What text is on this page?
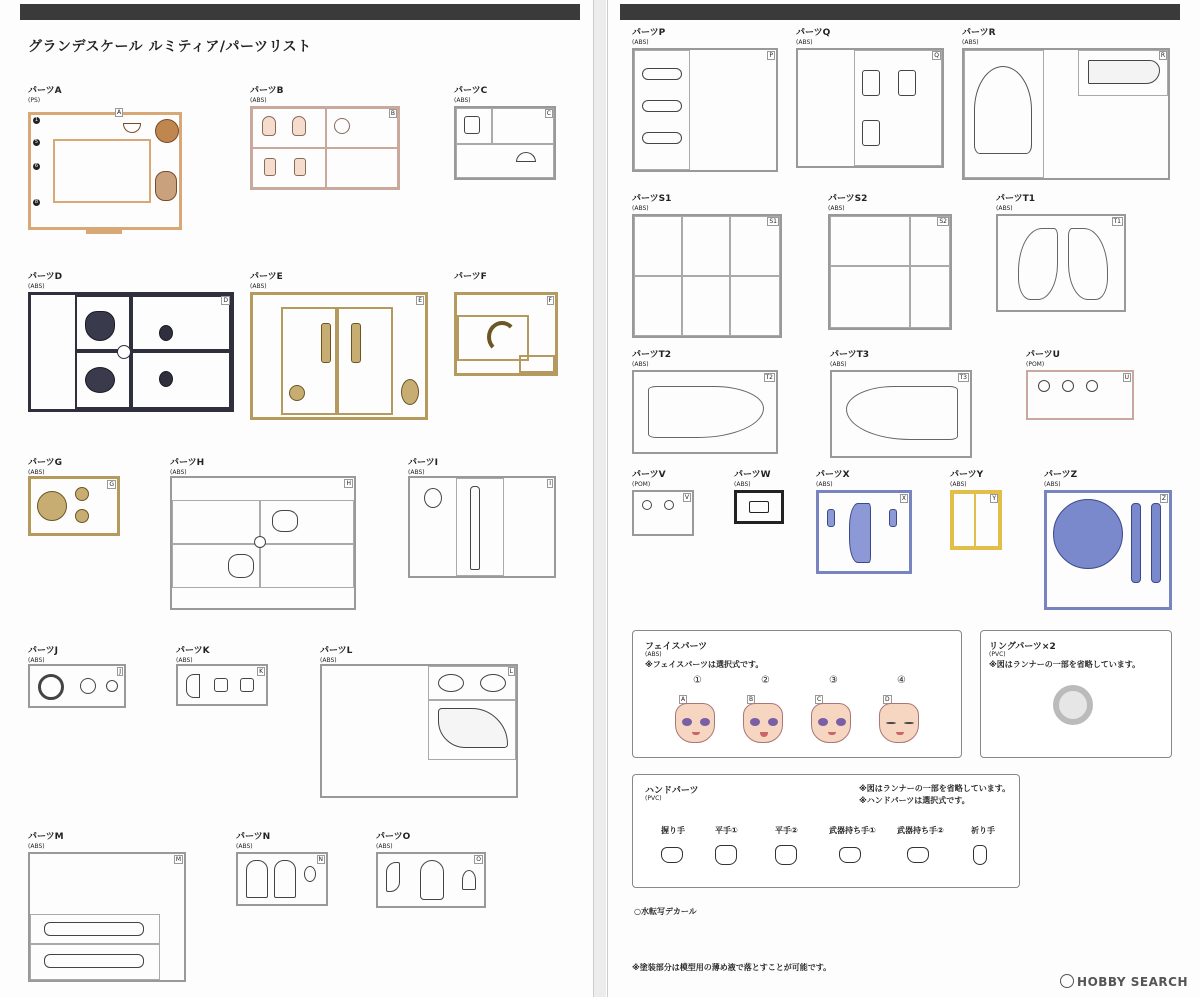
グランデスケール ルミティア/パーツリスト
パーツA
(PS)
1
5
6
8
A
パーツB
(ABS)
B
パーツC
(ABS)
C
パーツD
(ABS)
D
パーツE
(ABS)
E
パーツF
F
パーツG
(ABS)
G
パーツH
(ABS)
H
パーツI
(ABS)
I
パーツJ
(ABS)
J
パーツK
(ABS)
K
パーツL
(ABS)
L
パーツM
(ABS)
M
パーツN
(ABS)
N
パーツO
(ABS)
O
パーツP
(ABS)
P
パーツQ
(ABS)
Q
パーツR
(ABS)
R
パーツS1
(ABS)
S1
パーツS2
(ABS)
S2
パーツT1
(ABS)
T1
パーツT2
(ABS)
T2
パーツT3
(ABS)
T3
パーツU
(POM)
U
パーツV
(POM)
V
パーツW
(ABS)
パーツX
(ABS)
X
パーツY
(ABS)
Y
パーツZ
(ABS)
Z
フェイスパーツ
(ABS)
※フェイスパーツは選択式です。
①	②	③	④
A	B	C	D
リングパーツ×2
(PVC)
※図はランナーの一部を省略しています。
ハンドパーツ
(PVC)
※図はランナーの一部を省略しています。
※ハンドパーツは選択式です。
握り手	平手①	平手②	武器持ち手①	武器持ち手②	祈り手
○水転写デカール
※塗装部分は模型用の薄め液で落とすことが可能です。
HOBBY SEARCH
